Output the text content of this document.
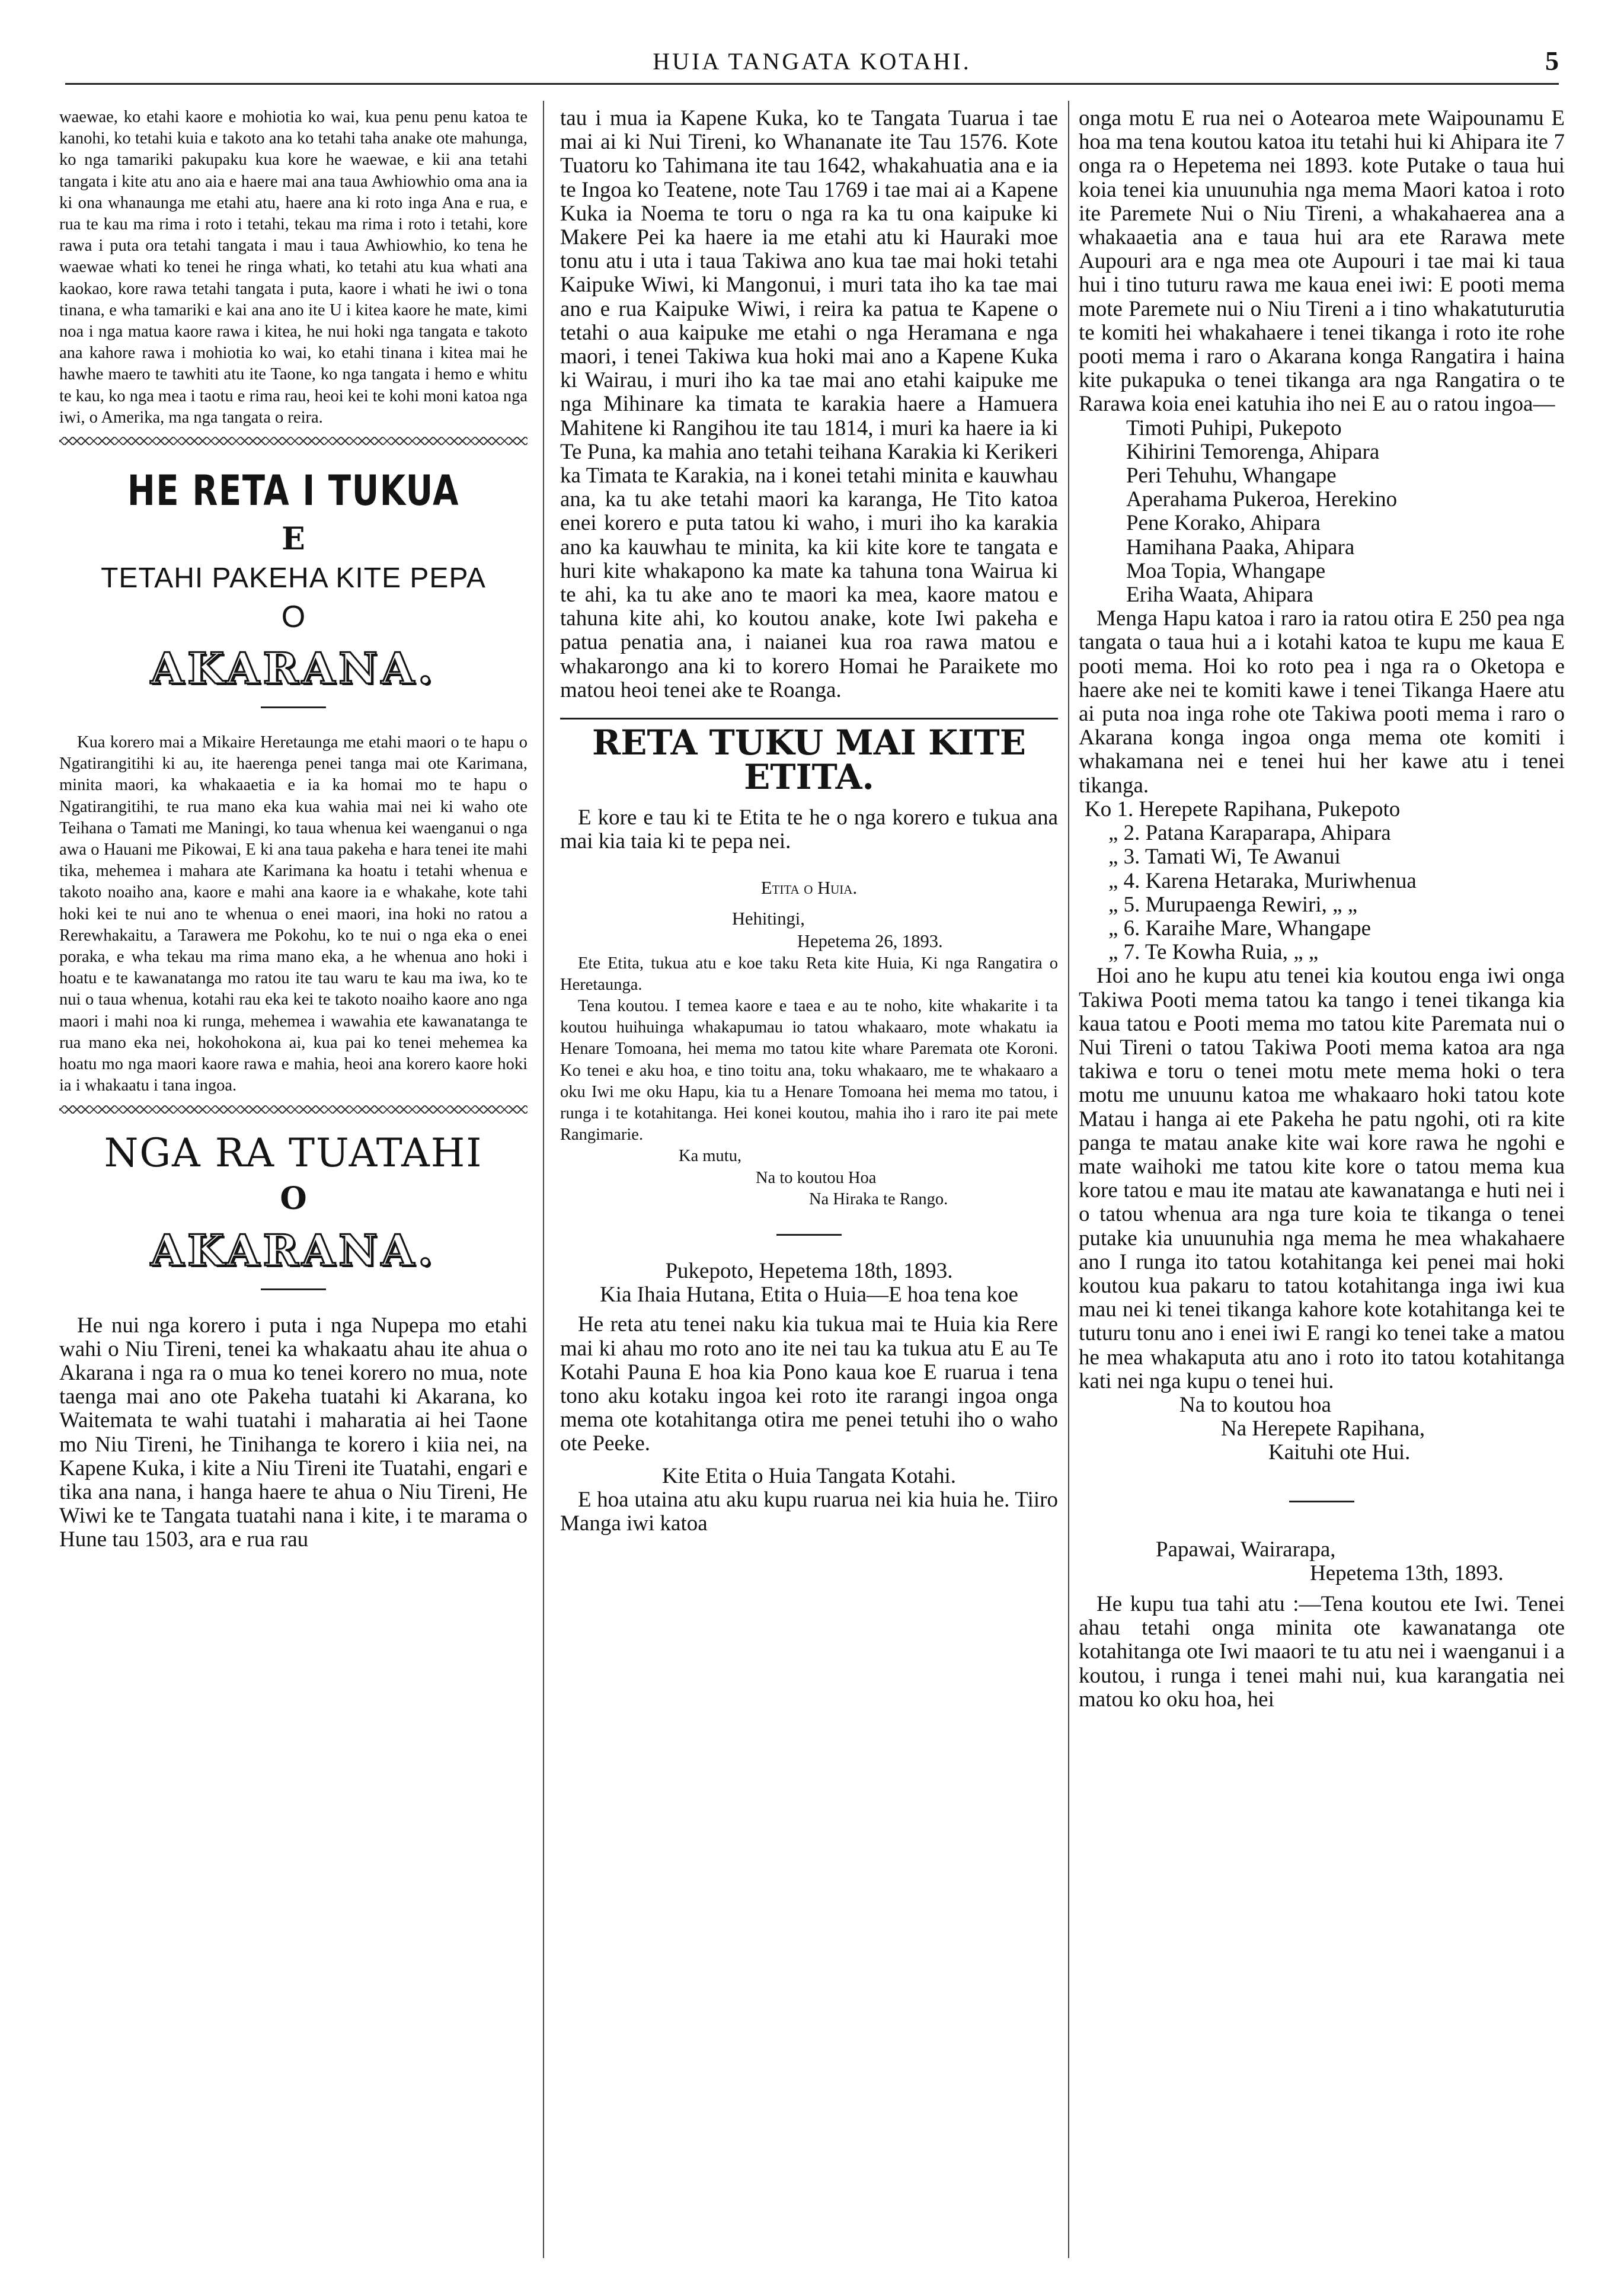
HUIA TANGATA KOTAHI.	5

waewae, ko etahi kaore e mohiotia ko wai, kua penu penu katoa te kanohi, ko tetahi kuia e takoto ana ko tetahi taha anake ote mahunga, ko nga tamariki pakupaku kua kore he waewae, e kii ana tetahi tangata i kite atu ano aia e haere mai ana taua Awhiowhio oma ana ia ki ona whanaunga me etahi atu, haere ana ki roto inga Ana e rua, e rua te kau ma rima i roto i tetahi, tekau ma rima i roto i tetahi, kore rawa i puta ora tetahi tangata i mau i taua Awhiowhio, ko tena he waewae whati ko tenei he ringa whati, ko tetahi atu kua whati ana kaokao, kore rawa tetahi tangata i puta, kaore i whati he iwi o tona tinana, e wha tamariki e kai ana ano ite U i kitea kaore he mate, kimi noa i nga matua kaore rawa i kitea, he nui hoki nga tangata e takoto ana kahore rawa i mohiotia ko wai, ko etahi tinana i kitea mai he hawhe maero te tawhiti atu ite Taone, ko nga tangata i hemo e whitu te kau, ko nga mea i taotu e rima rau, heoi kei te kohi moni katoa nga iwi, o Amerika, ma nga tangata o reira.

HE RETA I TUKUA
E
TETAHI PAKEHA KITE PEPA
O
AKARANA.

Kua korero mai a Mikaire Heretaunga me etahi maori o te hapu o Ngatirangitihi ki au, ite haerenga penei tanga mai ote Karimana, minita maori, ka whakaaetia e ia ka homai mo te hapu o Ngatirangitihi, te rua mano eka kua wahia mai nei ki waho ote Teihana o Tamati me Maningi, ko taua whenua kei waenganui o nga awa o Hauani me Pikowai, E ki ana taua pakeha e hara tenei ite mahi tika, mehemea i mahara ate Karimana ka hoatu i tetahi whenua e takoto noaiho ana, kaore e mahi ana kaore ia e whakahe, kote tahi hoki kei te nui ano te whenua o enei maori, ina hoki no ratou a Rerewhakaitu, a Tarawera me Pokohu, ko te nui o nga eka o enei poraka, e wha tekau ma rima mano eka, a he whenua ano hoki i hoatu e te kawanatanga mo ratou ite tau waru te kau ma iwa, ko te nui o taua whenua, kotahi rau eka kei te takoto noaiho kaore ano nga maori i mahi noa ki runga, mehemea i wawahia ete kawanatanga te rua mano eka nei, hokohokona ai, kua pai ko tenei mehemea ka hoatu mo nga maori kaore rawa e mahia, heoi ana korero kaore hoki ia i whakaatu i tana ingoa.

NGA RA TUATAHI
O
AKARANA.

He nui nga korero i puta i nga Nupepa mo etahi wahi o Niu Tireni, tenei ka whakaatu ahau ite ahua o Akarana i nga ra o mua ko tenei korero no mua, note taenga mai ano ote Pakeha tuatahi ki Akarana, ko Waitemata te wahi tuatahi i maharatia ai hei Taone mo Niu Tireni, he Tinihanga te korero i kiia nei, na Kapene Kuka, i kite a Niu Tireni ite Tuatahi, engari e tika ana nana, i hanga haere te ahua o Niu Tireni, He Wiwi ke te Tangata tuatahi nana i kite, i te marama o Hune tau 1503, ara e rua rau

tau i mua ia Kapene Kuka, ko te Tangata Tuarua i tae mai ai ki Nui Tireni, ko Whananate ite Tau 1576. Kote Tuatoru ko Tahimana ite tau 1642, whakahuatia ana e ia te Ingoa ko Teatene, note Tau 1769 i tae mai ai a Kapene Kuka ia Noema te toru o nga ra ka tu ona kaipuke ki Makere Pei ka haere ia me etahi atu ki Hauraki moe tonu atu i uta i taua Takiwa ano kua tae mai hoki tetahi Kaipuke Wiwi, ki Mangonui, i muri tata iho ka tae mai ano e rua Kaipuke Wiwi, i reira ka patua te Kapene o tetahi o aua kaipuke me etahi o nga Heramana e nga maori, i tenei Takiwa kua hoki mai ano a Kapene Kuka ki Wairau, i muri iho ka tae mai ano etahi kaipuke me nga Mihinare ka timata te karakia haere a Hamuera Mahitene ki Rangihou ite tau 1814, i muri ka haere ia ki Te Puna, ka mahia ano tetahi teihana Karakia ki Kerikeri ka Timata te Karakia, na i konei tetahi minita e kauwhau ana, ka tu ake tetahi maori ka karanga, He Tito katoa enei korero e puta tatou ki waho, i muri iho ka karakia ano ka kauwhau te minita, ka kii kite kore te tangata e huri kite whakapono ka mate ka tahuna tona Wairua ki te ahi, ka tu ake ano te maori ka mea, kaore matou e tahuna kite ahi, ko koutou anake, kote Iwi pakeha e patua penatia ana, i naianei kua roa rawa matou e whakarongo ana ki to korero Homai he Paraikete mo matou heoi tenei ake te Roanga.

RETA TUKU MAI KITE ETITA.

E kore e tau ki te Etita te he o nga korero e tukua ana mai kia taia ki te pepa nei.

Etita o Huia.

Hehitingi,

Hepetema 26, 1893.

Ete Etita, tukua atu e koe taku Reta kite Huia, Ki nga Rangatira o Heretaunga.

Tena koutou. I temea kaore e taea e au te noho, kite whakarite i ta koutou huihuinga whakapumau io tatou whakaaro, mote whakatu ia Henare Tomoana, hei mema mo tatou kite whare Paremata ote Koroni. Ko tenei e aku hoa, e tino toitu ana, toku whakaaro, me te whakaaro a oku Iwi me oku Hapu, kia tu a Henare Tomoana hei mema mo tatou, i runga i te kotahitanga. Hei konei koutou, mahia iho i raro ite pai mete Rangimarie.

Ka mutu,

Na to koutou Hoa

Na Hiraka te Rango.

Pukepoto, Hepetema 18th, 1893.

Kia Ihaia Hutana, Etita o Huia—E hoa tena koe

He reta atu tenei naku kia tukua mai te Huia kia Rere mai ki ahau mo roto ano ite nei tau ka tukua atu E au Te Kotahi Pauna E hoa kia Pono kaua koe E ruarua i tena tono aku kotaku ingoa kei roto ite rarangi ingoa onga mema ote kotahitanga otira me penei tetuhi iho o waho ote Peeke.

Kite Etita o Huia Tangata Kotahi.

E hoa utaina atu aku kupu ruarua nei kia huia he. Tiiro Manga iwi katoa

onga motu E rua nei o Aotearoa mete Waipounamu E hoa ma tena koutou katoa itu tetahi hui ki Ahipara ite 7 onga ra o Hepetema nei 1893. kote Putake o taua hui koia tenei kia unuunuhia nga mema Maori katoa i roto ite Paremete Nui o Niu Tireni, a whakahaerea ana a whakaaetia ana e taua hui ara ete Rarawa mete Aupouri ara e nga mea ote Aupouri i tae mai ki taua hui i tino tuturu rawa me kaua enei iwi: E pooti mema mote Paremete nui o Niu Tireni a i tino whakatuturutia te komiti hei whakahaere i tenei tikanga i roto ite rohe pooti mema i raro o Akarana konga Rangatira i haina kite pukapuka o tenei tikanga ara nga Rangatira o te Rarawa koia enei katuhia iho nei E au o ratou ingoa—

Timoti Puhipi, Pukepoto

Kihirini Temorenga, Ahipara

Peri Tehuhu, Whangape

Aperahama Pukeroa, Herekino

Pene Korako, Ahipara

Hamihana Paaka, Ahipara

Moa Topia, Whangape

Eriha Waata, Ahipara

Menga Hapu katoa i raro ia ratou otira E 250 pea nga tangata o taua hui a i kotahi katoa te kupu me kaua E pooti mema. Hoi ko roto pea i nga ra o Oketopa e haere ake nei te komiti kawe i tenei Tikanga Haere atu ai puta noa inga rohe ote Takiwa pooti mema i raro o Akarana konga ingoa onga mema ote komiti i whakamana nei e tenei hui her kawe atu i tenei tikanga.

Ko 1. Herepete Rapihana, Pukepoto

„ 2. Patana Karaparapa, Ahipara

„ 3. Tamati Wi, Te Awanui

„ 4. Karena Hetaraka, Muriwhenua

„ 5. Murupaenga Rewiri, „ „

„ 6. Karaihe Mare, Whangape

„ 7. Te Kowha Ruia, „ „

Hoi ano he kupu atu tenei kia koutou enga iwi onga Takiwa Pooti mema tatou ka tango i tenei tikanga kia kaua tatou e Pooti mema mo tatou kite Paremata nui o Nui Tireni o tatou Takiwa Pooti mema katoa ara nga takiwa e toru o tenei motu mete mema hoki o tera motu me unuunu katoa me whakaaro hoki tatou kote Matau i hanga ai ete Pakeha he patu ngohi, oti ra kite panga te matau anake kite wai kore rawa he ngohi e mate waihoki me tatou kite kore o tatou mema kua kore tatou e mau ite matau ate kawanatanga e huti nei i o tatou whenua ara nga ture koia te tikanga o tenei putake kia unuunuhia nga mema he mea whakahaere ano I runga ito tatou kotahitanga kei penei mai hoki koutou kua pakaru to tatou kotahitanga inga iwi kua mau nei ki tenei tikanga kahore kote kotahitanga kei te tuturu tonu ano i enei iwi E rangi ko tenei take a matou he mea whakaputa atu ano i roto ito tatou kotahitanga kati nei nga kupu o tenei hui.

Na to koutou hoa

Na Herepete Rapihana,

Kaituhi ote Hui.

Papawai, Wairarapa,

Hepetema 13th, 1893.

He kupu tua tahi atu :—Tena koutou ete Iwi. Tenei ahau tetahi onga minita ote kawanatanga ote kotahitanga ote Iwi maaori te tu atu nei i waenganui i a koutou, i runga i tenei mahi nui, kua karangatia nei matou ko oku hoa, hei
